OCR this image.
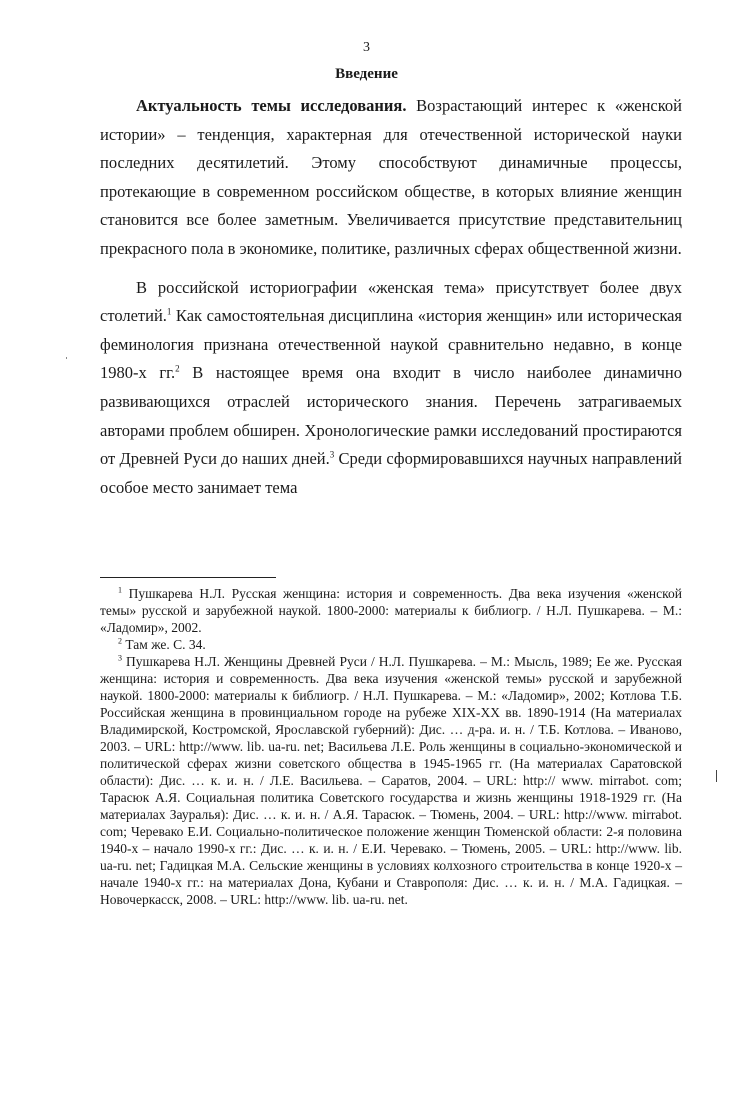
3
Введение

Актуальность темы исследования. Возрастающий интерес к «женской истории» – тенденция, характерная для отечественной исторической науки последних десятилетий. Этому способствуют динамичные процессы, протекающие в современном российском обществе, в которых влияние женщин становится все более заметным. Увеличивается присутствие представительниц прекрасного пола в экономике, политике, различных сферах общественной жизни.

В российской историографии «женская тема» присутствует более двух столетий.$^1$ Как самостоятельная дисциплина «история женщин» или историческая феминология признана отечественной наукой сравнительно недавно, в конце 1980-х гг.$^2$ В настоящее время она входит в число наиболее динамично развивающихся отраслей исторического знания. Перечень затрагиваемых авторами проблем обширен. Хронологические рамки исследований простираются от Древней Руси до наших дней.$^3$ Среди сформировавшихся научных направлений особое место занимает тема

$^1$ Пушкарева Н.Л. Русская женщина: история и современность. Два века изучения «женской темы» русской и зарубежной наукой. 1800-2000: материалы к библиогр. / Н.Л. Пушкарева. – М.: «Ладомир», 2002.

$^2$ Там же. С. 34.

$^3$ Пушкарева Н.Л. Женщины Древней Руси / Н.Л. Пушкарева. – М.: Мысль, 1989; Ее же. Русская женщина: история и современность. Два века изучения «женской темы» русской и зарубежной наукой. 1800-2000: материалы к библиогр. / Н.Л. Пушкарева. – М.: «Ладомир», 2002; Котлова Т.Б. Российская женщина в провинциальном городе на рубеже XIX-XX вв. 1890-1914 (На материалах Владимирской, Костромской, Ярославской губерний): Дис. … д-ра. и. н. / Т.Б. Котлова. – Иваново, 2003. – URL: http://www. lib. ua-ru. net; Васильева Л.Е. Роль женщины в социально-экономической и политической сферах жизни советского общества в 1945-1965 гг. (На материалах Саратовской области): Дис. … к. и. н. / Л.Е. Васильева. – Саратов, 2004. – URL: http:// www. mirrabot. com; Тарасюк А.Я. Социальная политика Советского государства и жизнь женщины 1918-1929 гг. (На материалах Зауралья): Дис. … к. и. н. / А.Я. Тарасюк. – Тюмень, 2004. – URL: http://www. mirrabot. com; Черевако Е.И. Социально-политическое положение женщин Тюменской области: 2-я половина 1940-х – начало 1990-х гг.: Дис. … к. и. н. / Е.И. Черевако. – Тюмень, 2005. – URL: http://www. lib. ua-ru. net; Гадицкая М.А. Сельские женщины в условиях колхозного строительства в конце 1920-х – начале 1940-х гг.: на материалах Дона, Кубани и Ставрополя: Дис. … к. и. н. / М.А. Гадицкая. – Новочеркасск, 2008. – URL: http://www. lib. ua-ru. net.
